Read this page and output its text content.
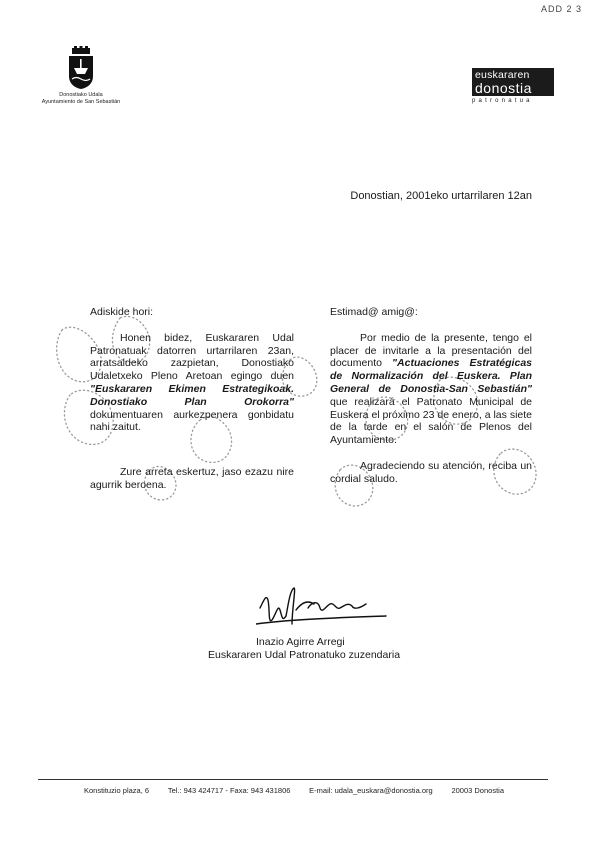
ADD 2 3
Donostiako Udala
Ayuntamiento de San Sebastián
euskararen
donostia
patronatua
Donostian, 2001eko urtarrilaren 12an

Adiskide hori:

Honen bidez, Euskararen Udal Patronatuak datorren urtarrilaren 23an, arratsaldeko zazpietan, Donostiako Udaletxeko Pleno Aretoan egingo duen "Euskararen Ekimen Estrategikoak. Donostiako Plan Orokorra" dokumentuaren aurkezpenera gonbidatu nahi zaitut.

Zure arreta eskertuz, jaso ezazu nire agurrik beroena.

Estimad@ amig@:

Por medio de la presente, tengo el placer de invitarle a la presentación del documento "Actuaciones Estratégicas de Normalización del Euskera. Plan General de Donostia-San Sebastián" que realizará el Patronato Municipal de Euskera el próximo 23 de enero, a las siete de la tarde en el salón de Plenos del Ayuntamiento.

Agradeciendo su atención, reciba un cordial saludo.

Inazio Agirre Arregi
Euskararen Udal Patronatuko zuzendaria
Konstituzio plaza, 6	Tel.: 943 424717 - Faxa: 943 431806	E-mail: udala_euskara@donostia.org	20003 Donostia
